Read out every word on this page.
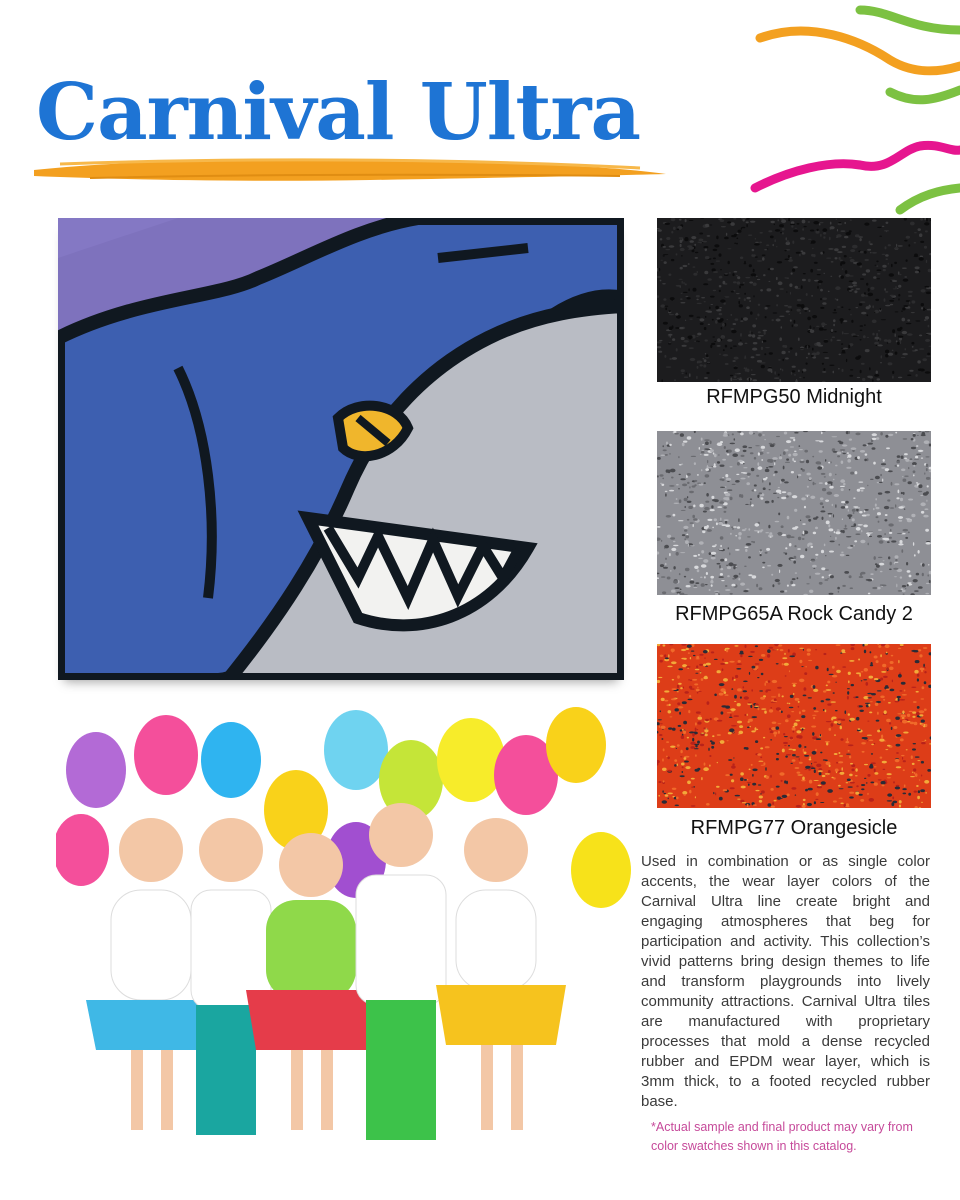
Carnival Ultra
RFMPG50 Midnight
RFMPG65A Rock Candy 2
RFMPG77 Orangesicle
Used in combination or as single color accents, the wear layer colors of the Carnival Ultra line create bright and engaging atmospheres that beg for participation and activity. This collection’s vivid patterns bring design themes to life and transform playgrounds into lively community attractions. Carnival Ultra tiles are manufactured with proprietary processes that mold a dense recycled rubber and EPDM wear layer, which is 3mm thick, to a footed recycled rubber base.
*Actual sample and final product may vary from color swatches shown in this catalog.
